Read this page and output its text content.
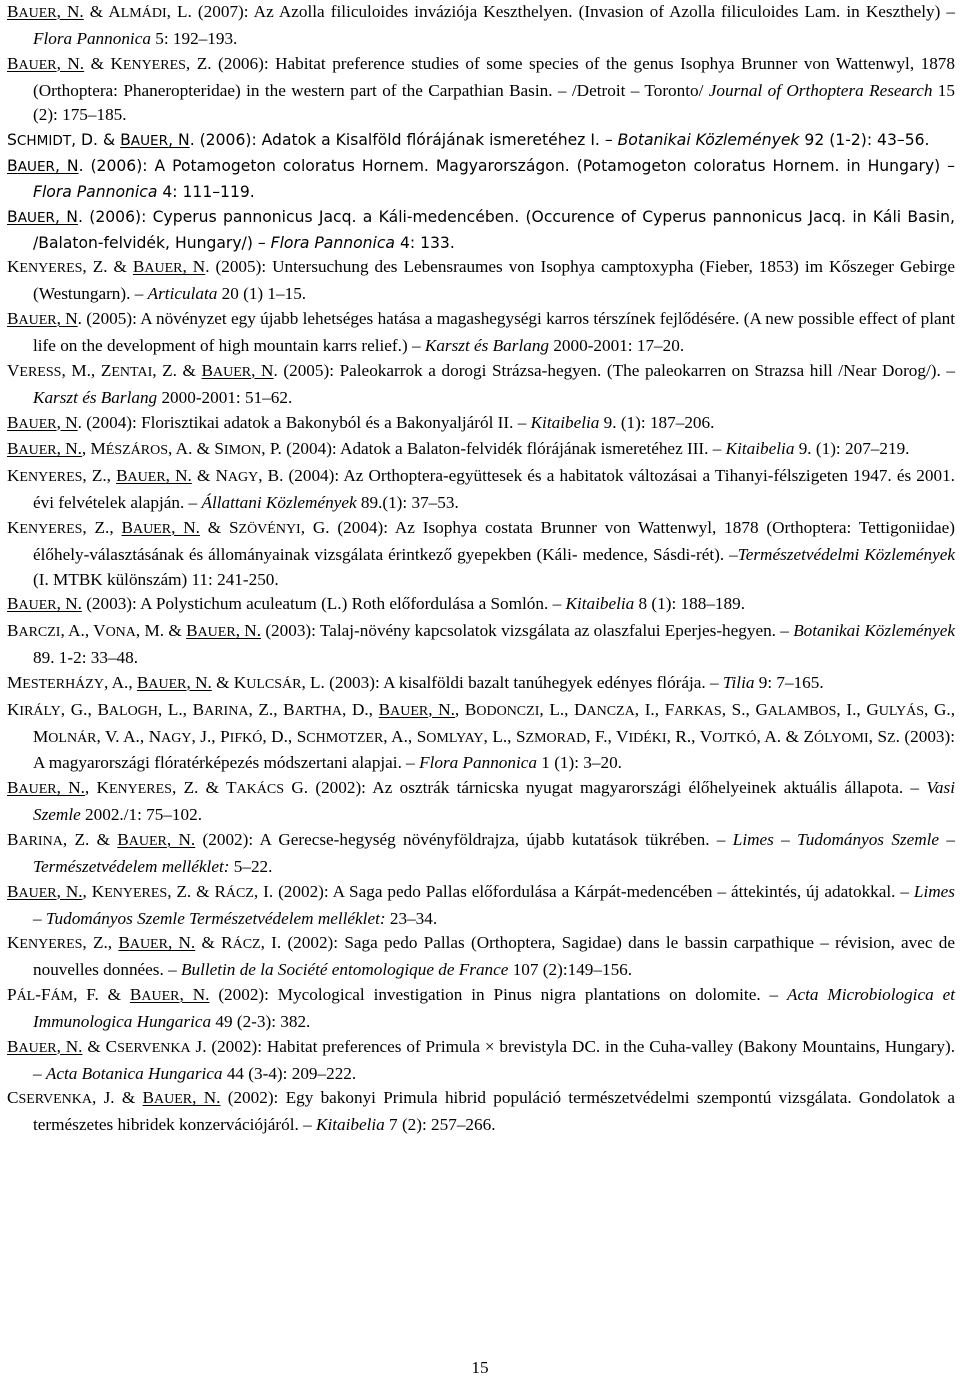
BAUER, N. & ALMÁDI, L. (2007): Az Azolla filiculoides inváziója Keszthelyen. (Invasion of Azolla filiculoides Lam. in Keszthely) – Flora Pannonica 5: 192–193.

BAUER, N. & KENYERES, Z. (2006): Habitat preference studies of some species of the genus Isophya Brunner von Wattenwyl, 1878 (Orthoptera: Phaneropteridae) in the western part of the Carpathian Basin. – /Detroit – Toronto/ Journal of Orthoptera Research 15 (2): 175–185.

SCHMIDT, D. & BAUER, N. (2006): Adatok a Kisalföld flórájának ismeretéhez I. – Botanikai Közlemények 92 (1-2): 43–56.

BAUER, N. (2006): A Potamogeton coloratus Hornem. Magyarországon. (Potamogeton coloratus Hornem. in Hungary) – Flora Pannonica 4: 111–119.

BAUER, N. (2006): Cyperus pannonicus Jacq. a Káli-medencében. (Occurence of Cyperus pannonicus Jacq. in Káli Basin, /Balaton-felvidék, Hungary/) – Flora Pannonica 4: 133.

KENYERES, Z. & BAUER, N. (2005): Untersuchung des Lebensraumes von Isophya camptoxypha (Fieber, 1853) im Kőszeger Gebirge (Westungarn). – Articulata 20 (1) 1–15.

BAUER, N. (2005): A növényzet egy újabb lehetséges hatása a magashegységi karros térszínek fejlődésére. (A new possible effect of plant life on the development of high mountain karrs relief.) – Karszt és Barlang 2000-2001: 17–20.

VERESS, M., ZENTAI, Z. & BAUER, N. (2005): Paleokarrok a dorogi Strázsa-hegyen. (The paleokarren on Strazsa hill /Near Dorog/). – Karszt és Barlang 2000-2001: 51–62.

BAUER, N. (2004): Florisztikai adatok a Bakonyból és a Bakonyaljáról II. – Kitaibelia 9. (1): 187–206.

BAUER, N., MÉSZÁROS, A. & SIMON, P. (2004): Adatok a Balaton-felvidék flórájának ismeretéhez III. – Kitaibelia 9. (1): 207–219.

KENYERES, Z., BAUER, N. & NAGY, B. (2004): Az Orthoptera-együttesek és a habitatok változásai a Tihanyi-félszigeten 1947. és 2001. évi felvételek alapján. – Állattani Közlemények 89.(1): 37–53.

KENYERES, Z., BAUER, N. & SZÖVÉNYI, G. (2004): Az Isophya costata Brunner von Wattenwyl, 1878 (Orthoptera: Tettigoniidae) élőhely-választásának és állományainak vizsgálata érintkező gyepekben (Káli- medence, Sásdi-rét). –Természetvédelmi Közlemények (I. MTBK különszám) 11: 241-250.

BAUER, N. (2003): A Polystichum aculeatum (L.) Roth előfordulása a Somlón. – Kitaibelia 8 (1): 188–189.

BARCZI, A., VONA, M. & BAUER, N. (2003): Talaj-növény kapcsolatok vizsgálata az olaszfalui Eperjes-hegyen. – Botanikai Közlemények 89. 1-2: 33–48.

MESTERHÁZY, A., BAUER, N. & KULCSÁR, L. (2003): A kisalföldi bazalt tanúhegyek edényes flórája. – Tilia 9: 7–165.

KIRÁLY, G., BALOGH, L., BARINA, Z., BARTHA, D., BAUER, N., BODONCZI, L., DANCZA, I., FARKAS, S., GALAMBOS, I., GULYÁS, G., MOLNÁR, V. A., NAGY, J., PIFKÓ, D., SCHMOTZER, A., SOMLYAY, L., SZMORAD, F., VIDÉKI, R., VOJTKÓ, A. & ZÓLYOMI, SZ. (2003): A magyarországi flóratérképezés módszertani alapjai. – Flora Pannonica 1 (1): 3–20.

BAUER, N., KENYERES, Z. & TAKÁCS G. (2002): Az osztrák tárnicska nyugat magyarországi élőhelyeinek aktuális állapota. – Vasi Szemle 2002./1: 75–102.

BARINA, Z. & BAUER, N. (2002): A Gerecse-hegység növényföldrajza, újabb kutatások tükrében. – Limes – Tudományos Szemle – Természetvédelem melléklet: 5–22.

BAUER, N., KENYERES, Z. & RÁCZ, I. (2002): A Saga pedo Pallas előfordulása a Kárpát-medencében – áttekintés, új adatokkal. – Limes – Tudományos Szemle Természetvédelem melléklet: 23–34.

KENYERES, Z., BAUER, N. & RÁCZ, I. (2002): Saga pedo Pallas (Orthoptera, Sagidae) dans le bassin carpathique – révision, avec de nouvelles données. – Bulletin de la Société entomologique de France 107 (2):149–156.

PÁL-FÁM, F. & BAUER, N. (2002): Mycological investigation in Pinus nigra plantations on dolomite. – Acta Microbiologica et Immunologica Hungarica 49 (2-3): 382.

BAUER, N. & CSERVENKA J. (2002): Habitat preferences of Primula × brevistyla DC. in the Cuha-valley (Bakony Mountains, Hungary). – Acta Botanica Hungarica 44 (3-4): 209–222.

CSERVENKA, J. & BAUER, N. (2002): Egy bakonyi Primula hibrid populáció természetvédelmi szempontú vizsgálata. Gondolatok a természetes hibridek konzervációjáról. – Kitaibelia 7 (2): 257–266.

15
